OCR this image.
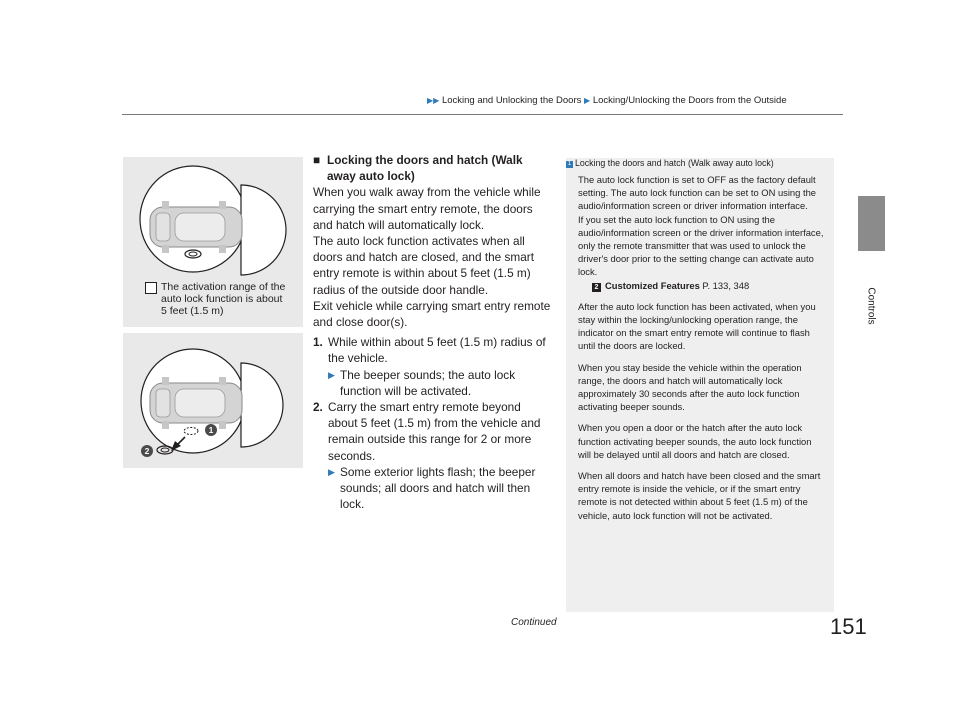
▶▶ Locking and Unlocking the Doors ▶ Locking/Unlocking the Doors from the Outside
Controls
The activation range of the auto lock function is about 5 feet (1.5 m)
1
2
■ Locking the doors and hatch (Walk away auto lock)

When you walk away from the vehicle while carrying the smart entry remote, the doors and hatch will automatically lock.

The auto lock function activates when all doors and hatch are closed, and the smart entry remote is within about 5 feet (1.5 m) radius of the outside door handle.

Exit vehicle while carrying smart entry remote and close door(s).

1. While within about 5 feet (1.5 m) radius of the vehicle.
▶ The beeper sounds; the auto lock function will be activated.
2. Carry the smart entry remote beyond about 5 feet (1.5 m) from the vehicle and remain outside this range for 2 or more seconds.
▶ Some exterior lights flash; the beeper sounds; all doors and hatch will then lock.
1 Locking the doors and hatch (Walk away auto lock)

The auto lock function is set to OFF as the factory default setting. The auto lock function can be set to ON using the audio/information screen or driver information interface.

If you set the auto lock function to ON using the audio/information screen or the driver information interface, only the remote transmitter that was used to unlock the driver's door prior to the setting change can activate auto lock.

2 Customized Features P. 133, 348

After the auto lock function has been activated, when you stay within the locking/unlocking operation range, the indicator on the smart entry remote will continue to flash until the doors are locked.

When you stay beside the vehicle within the operation range, the doors and hatch will automatically lock approximately 30 seconds after the auto lock function activating beeper sounds.

When you open a door or the hatch after the auto lock function activating beeper sounds, the auto lock function will be delayed until all doors and hatch are closed.

When all doors and hatch have been closed and the smart entry remote is inside the vehicle, or if the smart entry remote is not detected within about 5 feet (1.5 m) of the vehicle, auto lock function will not be activated.

Continued	151
